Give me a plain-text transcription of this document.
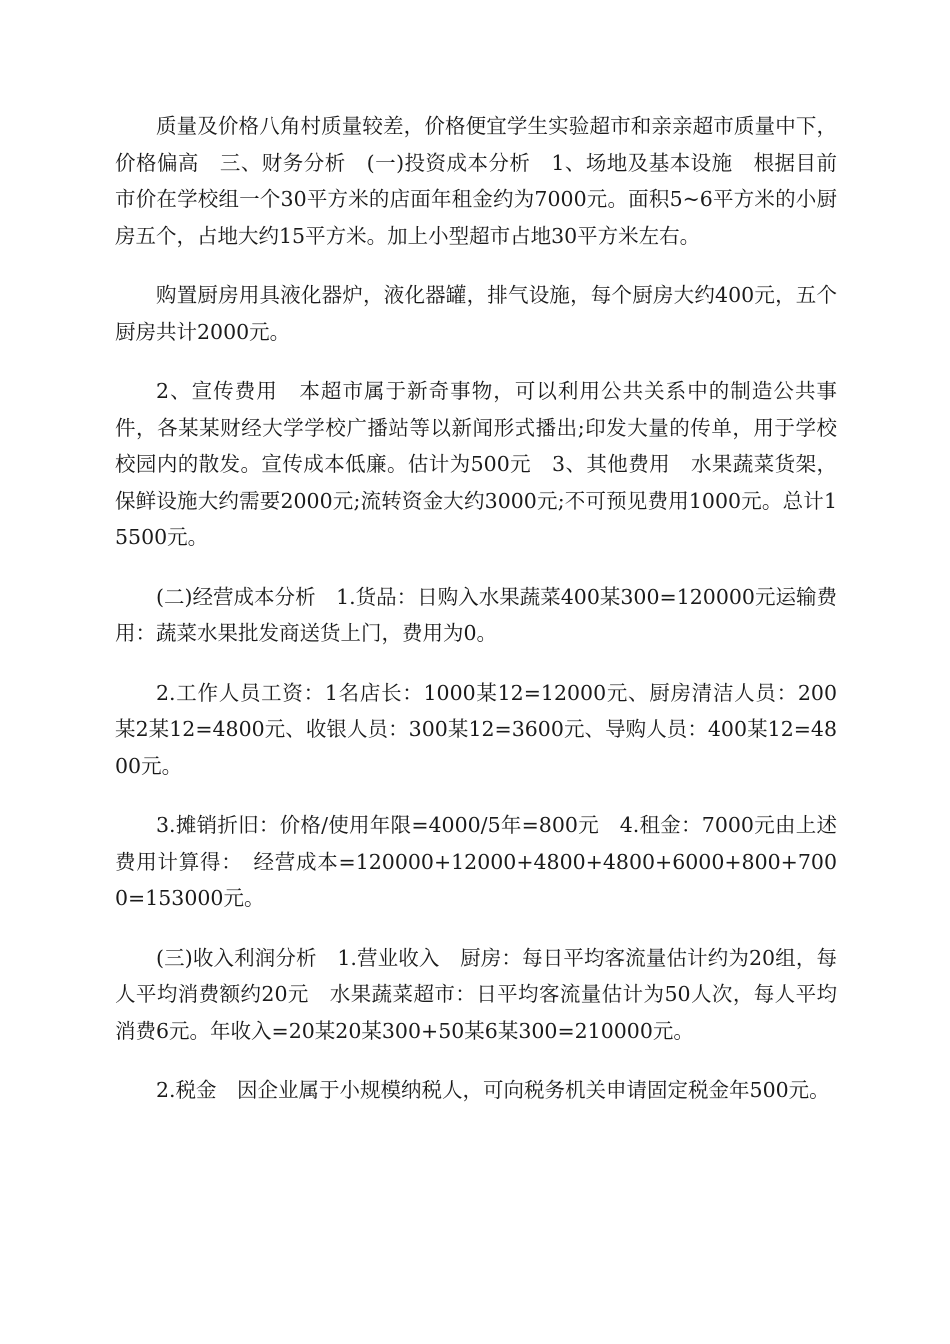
质量及价格八角村质量较差，价格便宜学生实验超市和亲亲超市质量中下，价格偏高　三、财务分析　(一)投资成本分析　1、场地及基本设施　根据目前市价在学校组一个30平方米的店面年租金约为7000元。面积5~6平方米的小厨房五个，占地大约15平方米。加上小型超市占地30平方米左右。

购置厨房用具液化器炉，液化器罐，排气设施，每个厨房大约400元，五个厨房共计2000元。

2、宣传费用　本超市属于新奇事物，可以利用公共关系中的制造公共事件，各某某财经大学学校广播站等以新闻形式播出;印发大量的传单，用于学校校园内的散发。宣传成本低廉。估计为500元　3、其他费用　水果蔬菜货架，保鲜设施大约需要2000元;流转资金大约3000元;不可预见费用1000元。总计15500元。

(二)经营成本分析　1.货品：日购入水果蔬菜400某300=120000元运输费用：蔬菜水果批发商送货上门，费用为0。

2.工作人员工资：1名店长：1000某12=12000元、厨房清洁人员：200某2某12=4800元、收银人员：300某12=3600元、导购人员：400某12=4800元。

3.摊销折旧：价格/使用年限=4000/5年=800元　4.租金：7000元由上述费用计算得：　经营成本=120000+12000+4800+4800+6000+800+7000=153000元。

(三)收入利润分析　1.营业收入　厨房：每日平均客流量估计约为20组，每人平均消费额约20元　水果蔬菜超市：日平均客流量估计为50人次，每人平均消费6元。年收入=20某20某300+50某6某300=210000元。

2.税金　因企业属于小规模纳税人，可向税务机关申请固定税金年500元。
